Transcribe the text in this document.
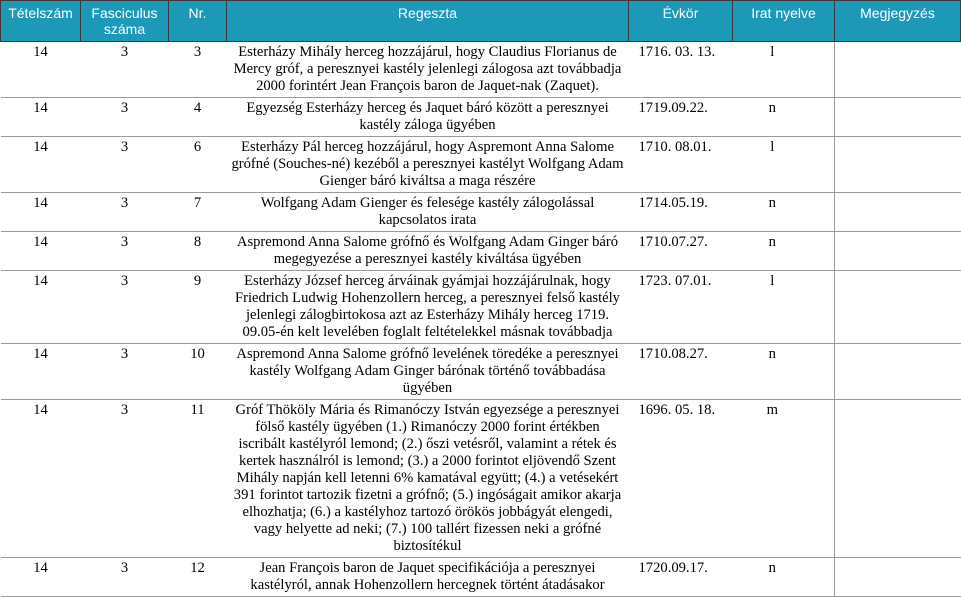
Tételszám	Fasciculus száma	Nr.	Regeszta	Évkör	Irat nyelve	Megjegyzés
14	3	3	Esterházy Mihály herceg hozzájárul, hogy Claudius Florianus de Mercy gróf, a peresznyei kastély jelenlegi zálogosa azt továbbadja 2000 forintért Jean François baron de Jaquet-nak (Zaquet).	1716. 03. 13.	l	
14	3	4	Egyezség Esterházy herceg és Jaquet báró között a peresznyei kastély záloga ügyében	1719.09.22.	n	
14	3	6	Esterházy Pál herceg hozzájárul, hogy Aspremont Anna Salome grófné (Souches-né) kezéből a peresznyei kastélyt Wolfgang Adam Gienger báró kiváltsa a maga részére	1710. 08.01.	l	
14	3	7	Wolfgang Adam Gienger és felesége kastély zálogolással kapcsolatos irata	1714.05.19.	n	
14	3	8	Aspremond Anna Salome grófnő és Wolfgang Adam Ginger báró megegyezése a peresznyei kastély kiváltása ügyében	1710.07.27.	n	
14	3	9	Esterházy József herceg árváinak gyámjai hozzájárulnak, hogy Friedrich Ludwig Hohenzollern herceg, a peresznyei felső kastély jelenlegi zálogbirtokosa azt az Esterházy Mihály herceg 1719. 09.05-én kelt levelében foglalt feltételekkel másnak továbbadja	1723. 07.01.	l	
14	3	10	Aspremond Anna Salome grófnő levelének töredéke a peresznyei kastély Wolfgang Adam Ginger bárónak történő továbbadása ügyében	1710.08.27.	n	
14	3	11	Gróf Thököly Mária és Rimanóczy István egyezsége a peresznyei fölső kastély ügyében (1.) Rimanóczy 2000 forint értékben iscribált kastélyról lemond; (2.) őszi vetésről, valamint a rétek és kertek használról is lemond; (3.) a 2000 forintot eljövendő Szent Mihály napján kell letenni 6% kamatával együtt; (4.) a vetésekért 391 forintot tartozik fizetni a grófnő; (5.) ingóságait amikor akarja elhozhatja; (6.) a kastélyhoz tartozó örökös jobbágyát elengedi, vagy helyette ad neki; (7.) 100 tallért fizessen neki a grófné biztosítékul	1696. 05. 18.	m	
14	3	12	Jean François baron de Jaquet specifikációja a peresznyei kastélyról, annak Hohenzollern hercegnek történt átadásakor	1720.09.17.	n	
